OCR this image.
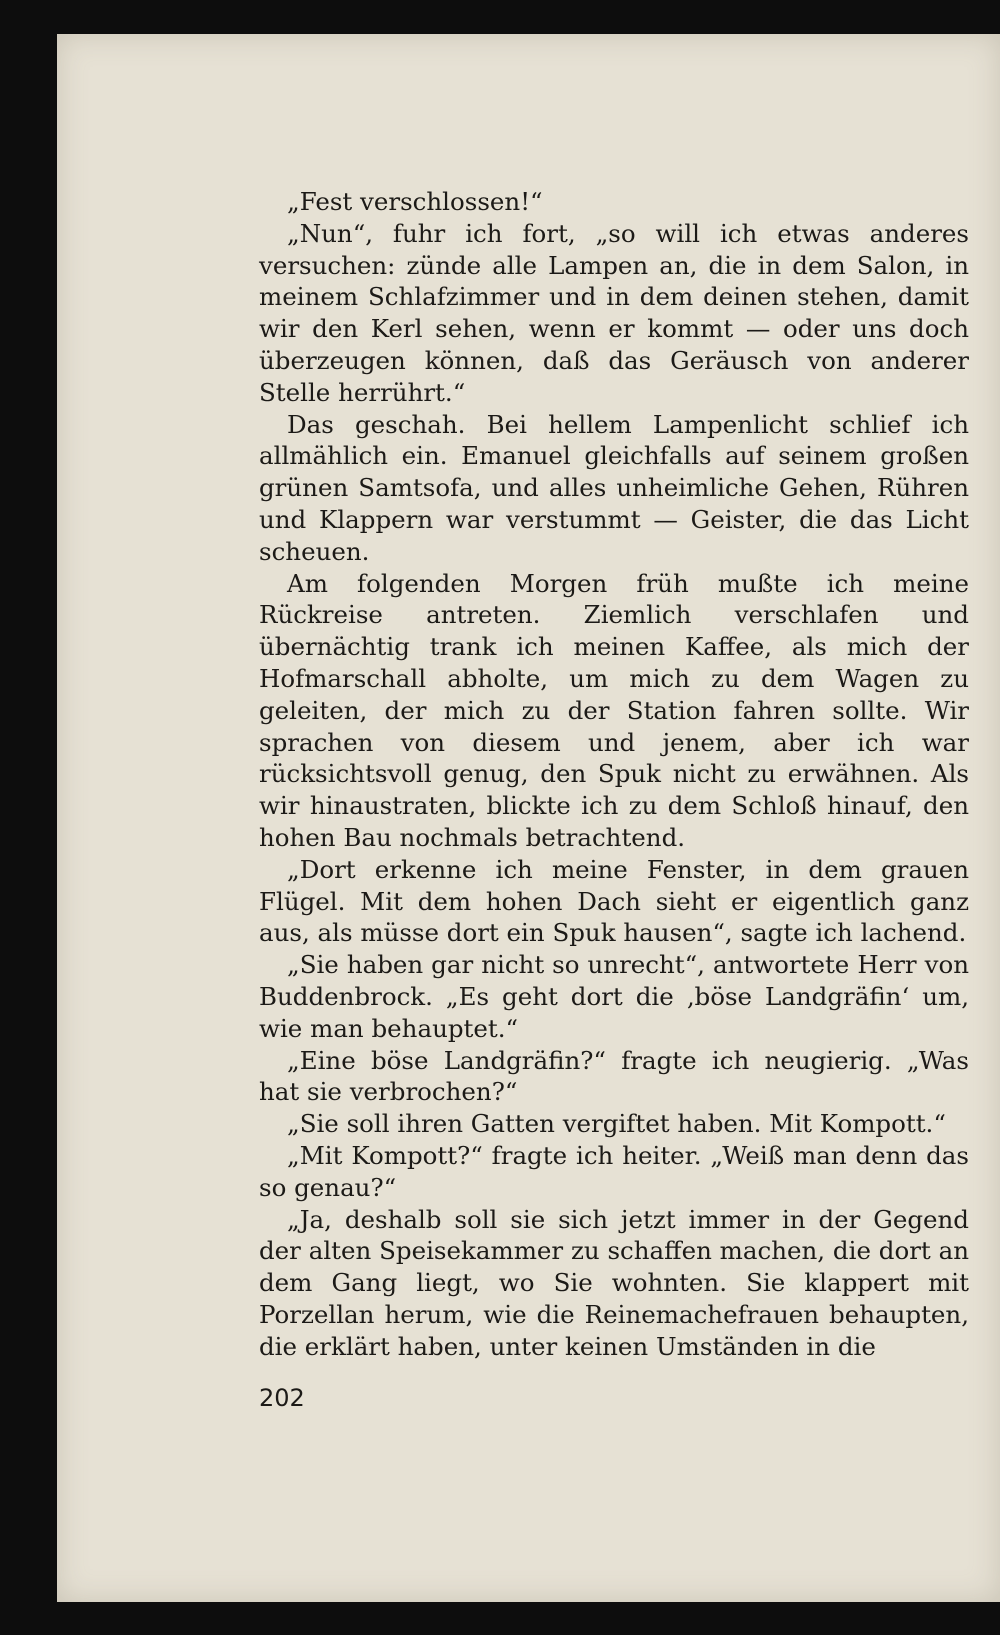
„Fest verschlossen!“

„Nun“, fuhr ich fort, „so will ich etwas anderes versuchen: zünde alle Lampen an, die in dem Salon, in meinem Schlafzimmer und in dem deinen stehen, damit wir den Kerl sehen, wenn er kommt — oder uns doch überzeugen können, daß das Geräusch von anderer Stelle herrührt.“

Das geschah. Bei hellem Lampenlicht schlief ich allmählich ein. Emanuel gleichfalls auf seinem großen grünen Samtsofa, und alles unheimliche Gehen, Rühren und Klappern war verstummt — Geister, die das Licht scheuen.

Am folgenden Morgen früh mußte ich meine Rückreise antreten. Ziemlich verschlafen und übernächtig trank ich meinen Kaffee, als mich der Hofmarschall abholte, um mich zu dem Wagen zu geleiten, der mich zu der Station fahren sollte. Wir sprachen von diesem und jenem, aber ich war rücksichtsvoll genug, den Spuk nicht zu erwähnen. Als wir hinaustraten, blickte ich zu dem Schloß hinauf, den hohen Bau nochmals betrachtend.

„Dort erkenne ich meine Fenster, in dem grauen Flügel. Mit dem hohen Dach sieht er eigentlich ganz aus, als müsse dort ein Spuk hausen“, sagte ich lachend.

„Sie haben gar nicht so unrecht“, antwortete Herr von Buddenbrock. „Es geht dort die ‚böse Landgräfin‘ um, wie man behauptet.“

„Eine böse Landgräfin?“ fragte ich neugierig. „Was hat sie verbrochen?“

„Sie soll ihren Gatten vergiftet haben. Mit Kompott.“

„Mit Kompott?“ fragte ich heiter. „Weiß man denn das so genau?“

„Ja, deshalb soll sie sich jetzt immer in der Gegend der alten Speisekammer zu schaffen machen, die dort an dem Gang liegt, wo Sie wohnten. Sie klappert mit Porzellan herum, wie die Reinemachefrauen behaupten, die erklärt haben, unter keinen Umständen in die

202
